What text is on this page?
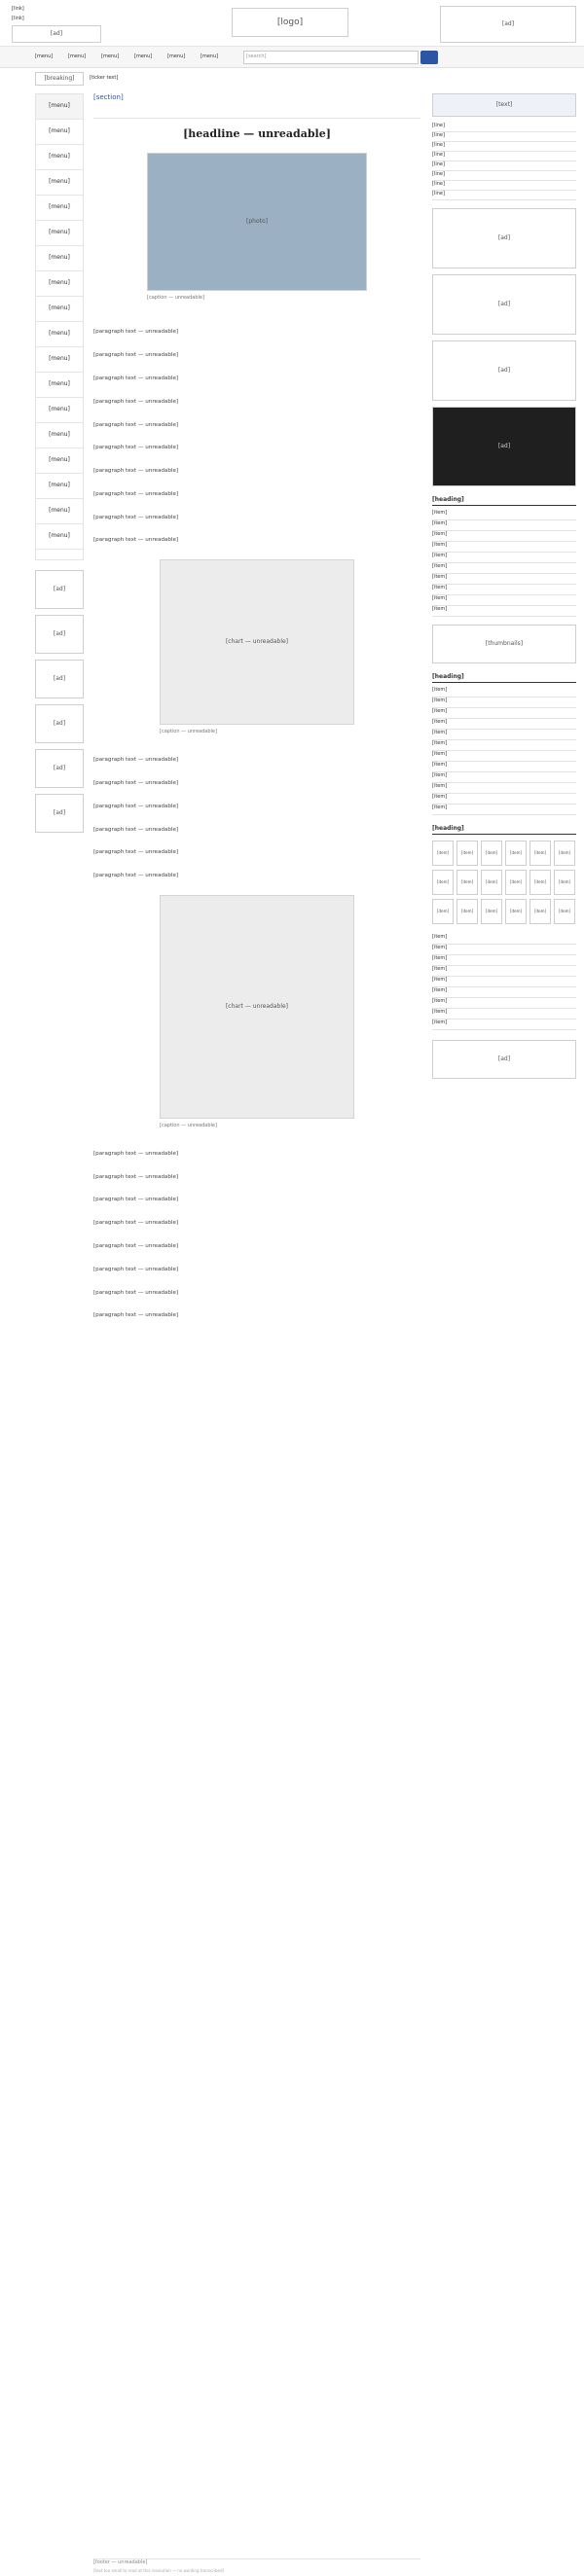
[link]
[link]
[ad]
[logo]	[ad]
[menu]	[menu]	[menu]	[menu]	[menu]	[menu]	[search]
[breaking]	[ticker text]
[menu]
[menu]
[menu]
[menu]
[menu]
[menu]
[menu]
[menu]
[menu]
[menu]
[menu]
[menu]
[menu]
[menu]
[menu]
[menu]
[menu]
[menu]
[ad]
[ad]
[ad]
[ad]
[ad]
[ad]
[section]
[headline — unreadable]
[photo]
[caption — unreadable]

[paragraph text — unreadable]

[paragraph text — unreadable]

[paragraph text — unreadable]

[paragraph text — unreadable]

[paragraph text — unreadable]

[paragraph text — unreadable]

[paragraph text — unreadable]

[paragraph text — unreadable]

[paragraph text — unreadable]

[paragraph text — unreadable]

[chart — unreadable]
[caption — unreadable]

[paragraph text — unreadable]

[paragraph text — unreadable]

[paragraph text — unreadable]

[paragraph text — unreadable]

[paragraph text — unreadable]

[paragraph text — unreadable]

[chart — unreadable]
[caption — unreadable]

[paragraph text — unreadable]

[paragraph text — unreadable]

[paragraph text — unreadable]

[paragraph text — unreadable]

[paragraph text — unreadable]

[paragraph text — unreadable]

[paragraph text — unreadable]

[paragraph text — unreadable]

[footer — unreadable]
[text]
[line]
[line]
[line]
[line]
[line]
[line]
[line]
[line]
[ad]
[ad]
[ad]
[ad]
[heading]
[item]
[item]
[item]
[item]
[item]
[item]
[item]
[item]
[item]
[item]
[thumbnails]
[heading]
[item]
[item]
[item]
[item]
[item]
[item]
[item]
[item]
[item]
[item]
[item]
[item]
[heading]
[item]	[item]	[item]	[item]	[item]	[item]
[item]	[item]	[item]	[item]	[item]	[item]
[item]	[item]	[item]	[item]	[item]	[item]
[item]
[item]
[item]
[item]
[item]
[item]
[item]
[item]
[item]
[ad]
[text too small to read at this resolution — no wording transcribed]
